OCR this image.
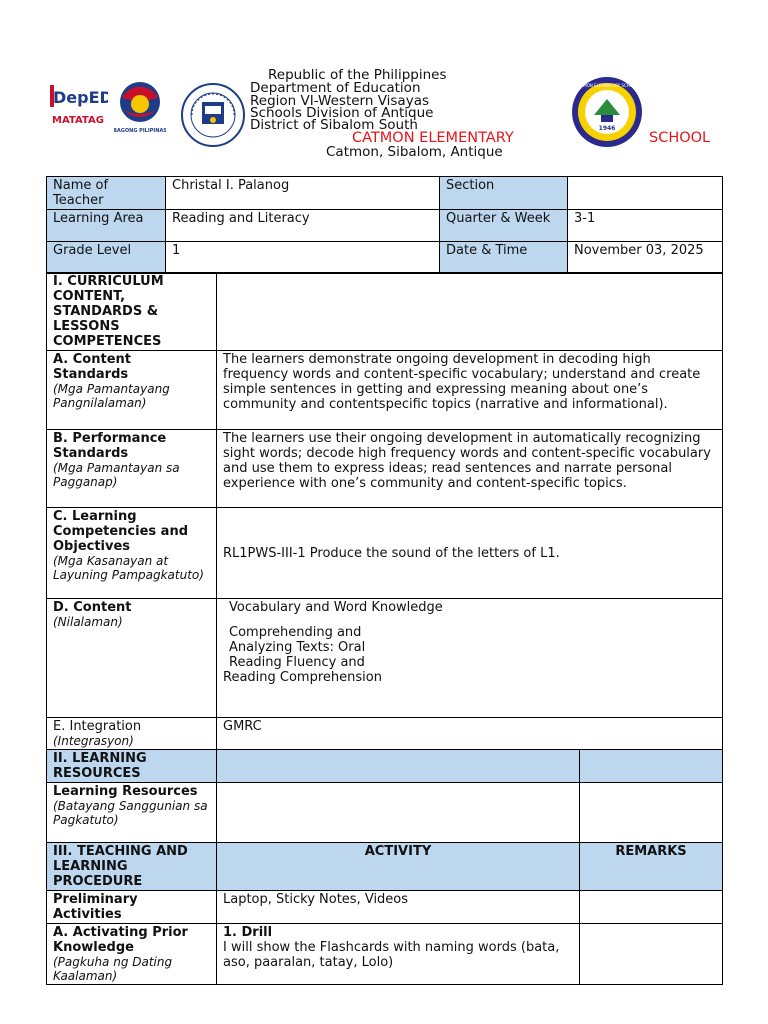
DepED
MATATAG
BAGONG PILIPINAS	1946
CATMON ELEMENTARY SCHOOL
Republic of the Philippines
Department of Education
Region VI-Western Visayas
Schools Division of Antique
District of Sibalom South
CATMON ELEMENTARY	SCHOOL
Catmon, Sibalom, Antique
Name of Teacher	Christal I. Palanog	Section	
Learning Area	Reading and Literacy	Quarter & Week	3-1
Grade Level	1	Date & Time	November 03, 2025
I. CURRICULUM CONTENT, STANDARDS & LESSONS COMPETENCES		
A. Content Standards
(Mga Pamantayang Pangnilalaman)	The learners demonstrate ongoing development in decoding high frequency words and content-specific vocabulary; understand and create simple sentences in getting and expressing meaning about one’s community and contentspecific topics (narrative and informational).	
B. Performance Standards
(Mga Pamantayan sa Pagganap)	The learners use their ongoing development in automatically recognizing sight words; decode high frequency words and content-specific vocabulary and use them to express ideas; read sentences and narrate personal experience with one’s community and content-specific topics.	
C. Learning Competencies and Objectives
(Mga Kasanayan at Layuning Pampagkatuto)	RL1PWS-III-1 Produce the sound of the letters of L1.	
D. Content
(Nilalaman)	Vocabulary and Word Knowledge
Comprehending and
Analyzing Texts: Oral
Reading Fluency and
Reading Comprehension	

E. Integration
(Integrasyon)	GMRC	
II. LEARNING RESOURCES		
Learning Resources
(Batayang Sanggunian sa Pagkatuto)		

III. TEACHING AND LEARNING PROCEDURE	ACTIVITY	REMARKS
Preliminary Activities	Laptop, Sticky Notes, Videos	
A. Activating Prior Knowledge
(Pagkuha ng Dating Kaalaman)	1. Drill
I will show the Flashcards with naming words (bata, aso, paaralan, tatay, Lolo)	
